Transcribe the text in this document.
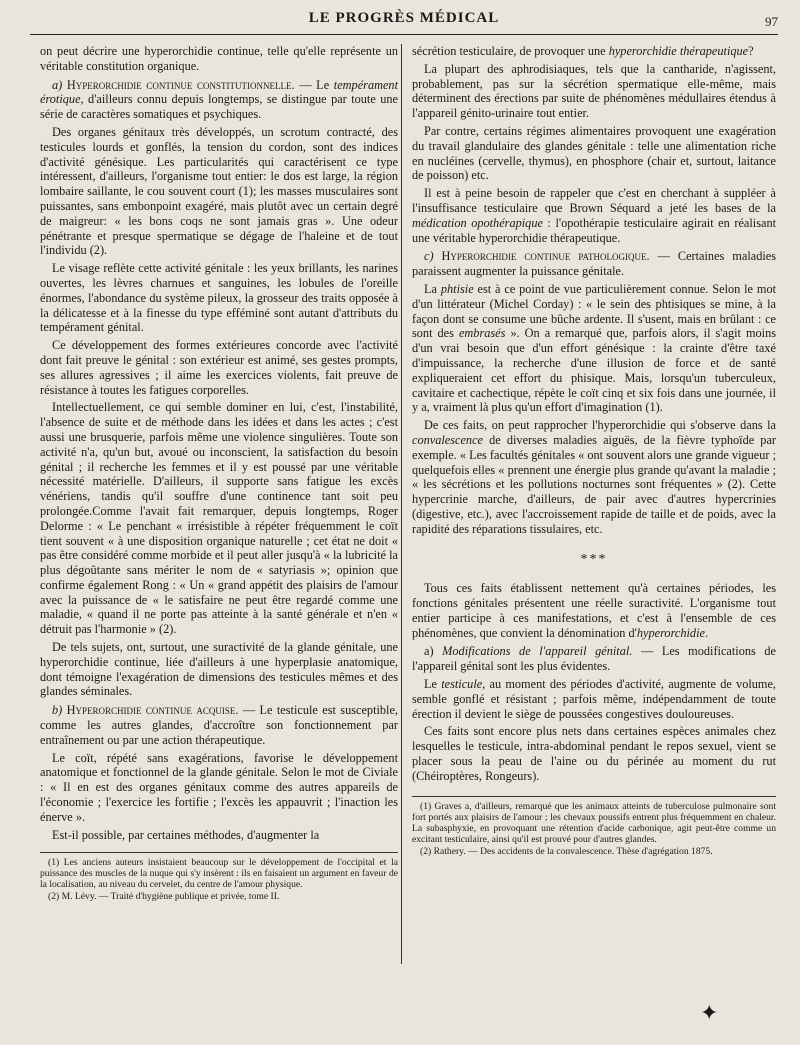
LE PROGRÈS MÉDICAL	97

on peut décrire une hyperorchidie continue, telle qu'elle représente un véritable constitution organique.

a) Hyperorchidie continue constitutionnelle. — Le tempérament érotique, d'ailleurs connu depuis longtemps, se distingue par toute une série de caractères somatiques et psychiques.

Des organes génitaux très développés, un scrotum contracté, des testicules lourds et gonflés, la tension du cordon, sont des indices d'activité génésique. Les particularités qui caractérisent ce type intéressent, d'ailleurs, l'organisme tout entier: le dos est large, la région lombaire saillante, le cou souvent court (1); les masses musculaires sont puissantes, sans embonpoint exagéré, mais plutôt avec un certain degré de maigreur: « les bons coqs ne sont jamais gras ». Une odeur pénétrante et presque spermatique se dégage de l'haleine et de tout l'individu (2).

Le visage reflète cette activité génitale : les yeux brillants, les narines ouvertes, les lèvres charnues et sanguines, les lobules de l'oreille énormes, l'abondance du système pileux, la grosseur des traits opposée à la délicatesse et à la finesse du type efféminé sont autant d'attributs du tempérament génital.

Ce développement des formes extérieures concorde avec l'activité dont fait preuve le génital : son extérieur est animé, ses gestes prompts, ses allures agressives ; il aime les exercices violents, fait preuve de résistance à toutes les fatigues corporelles.

Intellectuellement, ce qui semble dominer en lui, c'est, l'instabilité, l'absence de suite et de méthode dans les idées et dans les actes ; c'est aussi une brusquerie, parfois même une violence singulières. Toute son activité n'a, qu'un but, avoué ou inconscient, la satisfaction du besoin génital ; il recherche les femmes et il y est poussé par une véritable nécessité matérielle. D'ailleurs, il supporte sans fatigue les excès vénériens, tandis qu'il souffre d'une continence tant soit peu prolongée.Comme l'avait fait remarquer, depuis longtemps, Roger Delorme : « Le penchant « irrésistible à répéter fréquemment le coït tient souvent « à une disposition organique naturelle ; cet état ne doit « pas être considéré comme morbide et il peut aller jusqu'à « la lubricité la plus dégoûtante sans mériter le nom de « satyriasis »; opinion que confirme également Rong : « Un « grand appétit des plaisirs de l'amour avec la puissance de « le satisfaire ne peut être regardé comme une maladie, « quand il ne porte pas atteinte à la santé générale et n'en « détruit pas l'harmonie » (2).

De tels sujets, ont, surtout, une suractivité de la glande génitale, une hyperorchidie continue, liée d'ailleurs à une hyperplasie anatomique, dont témoigne l'exagération de dimensions des testicules mêmes et des glandes séminales.

b) Hyperorchidie continue acquise. — Le testicule est susceptible, comme les autres glandes, d'accroître son fonctionnement par entraînement ou par une action thérapeutique.

Le coït, répété sans exagérations, favorise le développement anatomique et fonctionnel de la glande génitale. Selon le mot de Civiale : « Il en est des organes génitaux comme des autres appareils de l'économie ; l'exercice les fortifie ; l'excès les appauvrit ; l'inaction les énerve ».

Est-il possible, par certaines méthodes, d'augmenter la

(1) Les anciens auteurs insistaient beaucoup sur le développement de l'occipital et la puissance des muscles de la nuque qui s'y insèrent : ils en faisaient un argument en faveur de la localisation, au niveau du cervelet, du centre de l'amour physique.

(2) M. Lévy. — Traité d'hygiène publique et privée, tome II.

sécrétion testiculaire, de provoquer une hyperorchidie thérapeutique?

La plupart des aphrodisiaques, tels que la cantharide, n'agissent, probablement, pas sur la sécrétion spermatique elle-même, mais déterminent des érections par suite de phénomènes médullaires étendus à l'appareil génito-urinaire tout entier.

Par contre, certains régimes alimentaires provoquent une exagération du travail glandulaire des glandes génitale : telle une alimentation riche en nucléines (cervelle, thymus), en phosphore (chair et, surtout, laitance de poisson) etc.

Il est à peine besoin de rappeler que c'est en cherchant à suppléer à l'insuffisance testiculaire que Brown Séquard a jeté les bases de la médication opothérapique : l'opothérapie testiculaire agirait en réalisant une véritable hyperorchidie thérapeutique.

c) Hyperorchidie continue pathologique. — Certaines maladies paraissent augmenter la puissance génitale.

La phtisie est à ce point de vue particulièrement connue. Selon le mot d'un littérateur (Michel Corday) : « le sein des phtisiques se mine, à la façon dont se consume une bûche ardente. Il s'usent, mais en brûlant : ce sont des embrasés ». On a remarqué que, parfois alors, il s'agit moins d'un vrai besoin que d'un effort génésique : la crainte d'être taxé d'impuissance, la recherche d'une illusion de force et de santé expliqueraient cet effort du phisique. Mais, lorsqu'un tuberculeux, cavitaire et cachectique, répète le coït cinq et six fois dans une journée, il y a, vraiment là plus qu'un effort d'imagination (1).

De ces faits, on peut rapprocher l'hyperorchidie qui s'observe dans la convalescence de diverses maladies aiguës, de la fièvre typhoïde par exemple. « Les facultés génitales « ont souvent alors une grande vigueur ; quelquefois elles « prennent une énergie plus grande qu'avant la maladie ; « les sécrétions et les pollutions nocturnes sont fréquentes » (2). Cette hypercrinie marche, d'ailleurs, de pair avec d'autres hypercrinies (digestive, etc.), avec l'accroissement rapide de taille et de poids, avec la rapidité des réparations tissulaires, etc.

***

Tous ces faits établissent nettement qu'à certaines périodes, les fonctions génitales présentent une réelle suractivité. L'organisme tout entier participe à ces manifestations, et c'est à l'ensemble de ces phénomènes, que convient la dénomination d'hyperorchidie.

a) Modifications de l'appareil génital. — Les modifications de l'appareil génital sont les plus évidentes.

Le testicule, au moment des périodes d'activité, augmente de volume, semble gonflé et résistant ; parfois même, indépendamment de toute érection il devient le siège de poussées congestives douloureuses.

Ces faits sont encore plus nets dans certaines espèces animales chez lesquelles le testicule, intra-abdominal pendant le repos sexuel, vient se placer sous la peau de l'aine ou du périnée au moment du rut (Chéiroptères, Rongeurs).

(1) Graves a, d'ailleurs, remarqué que les animaux atteints de tuberculose pulmonaire sont fort portés aux plaisirs de l'amour ; les chevaux poussifs entrent plus fréquemment en chaleur. La subasphyxie, en provoquant une rétention d'acide carbonique, agit peut-être comme un excitant testiculaire, ainsi qu'il est prouvé pour d'autres glandes.

(2) Rathery. — Des accidents de la convalescence. Thèse d'agrégation 1875.

✦
